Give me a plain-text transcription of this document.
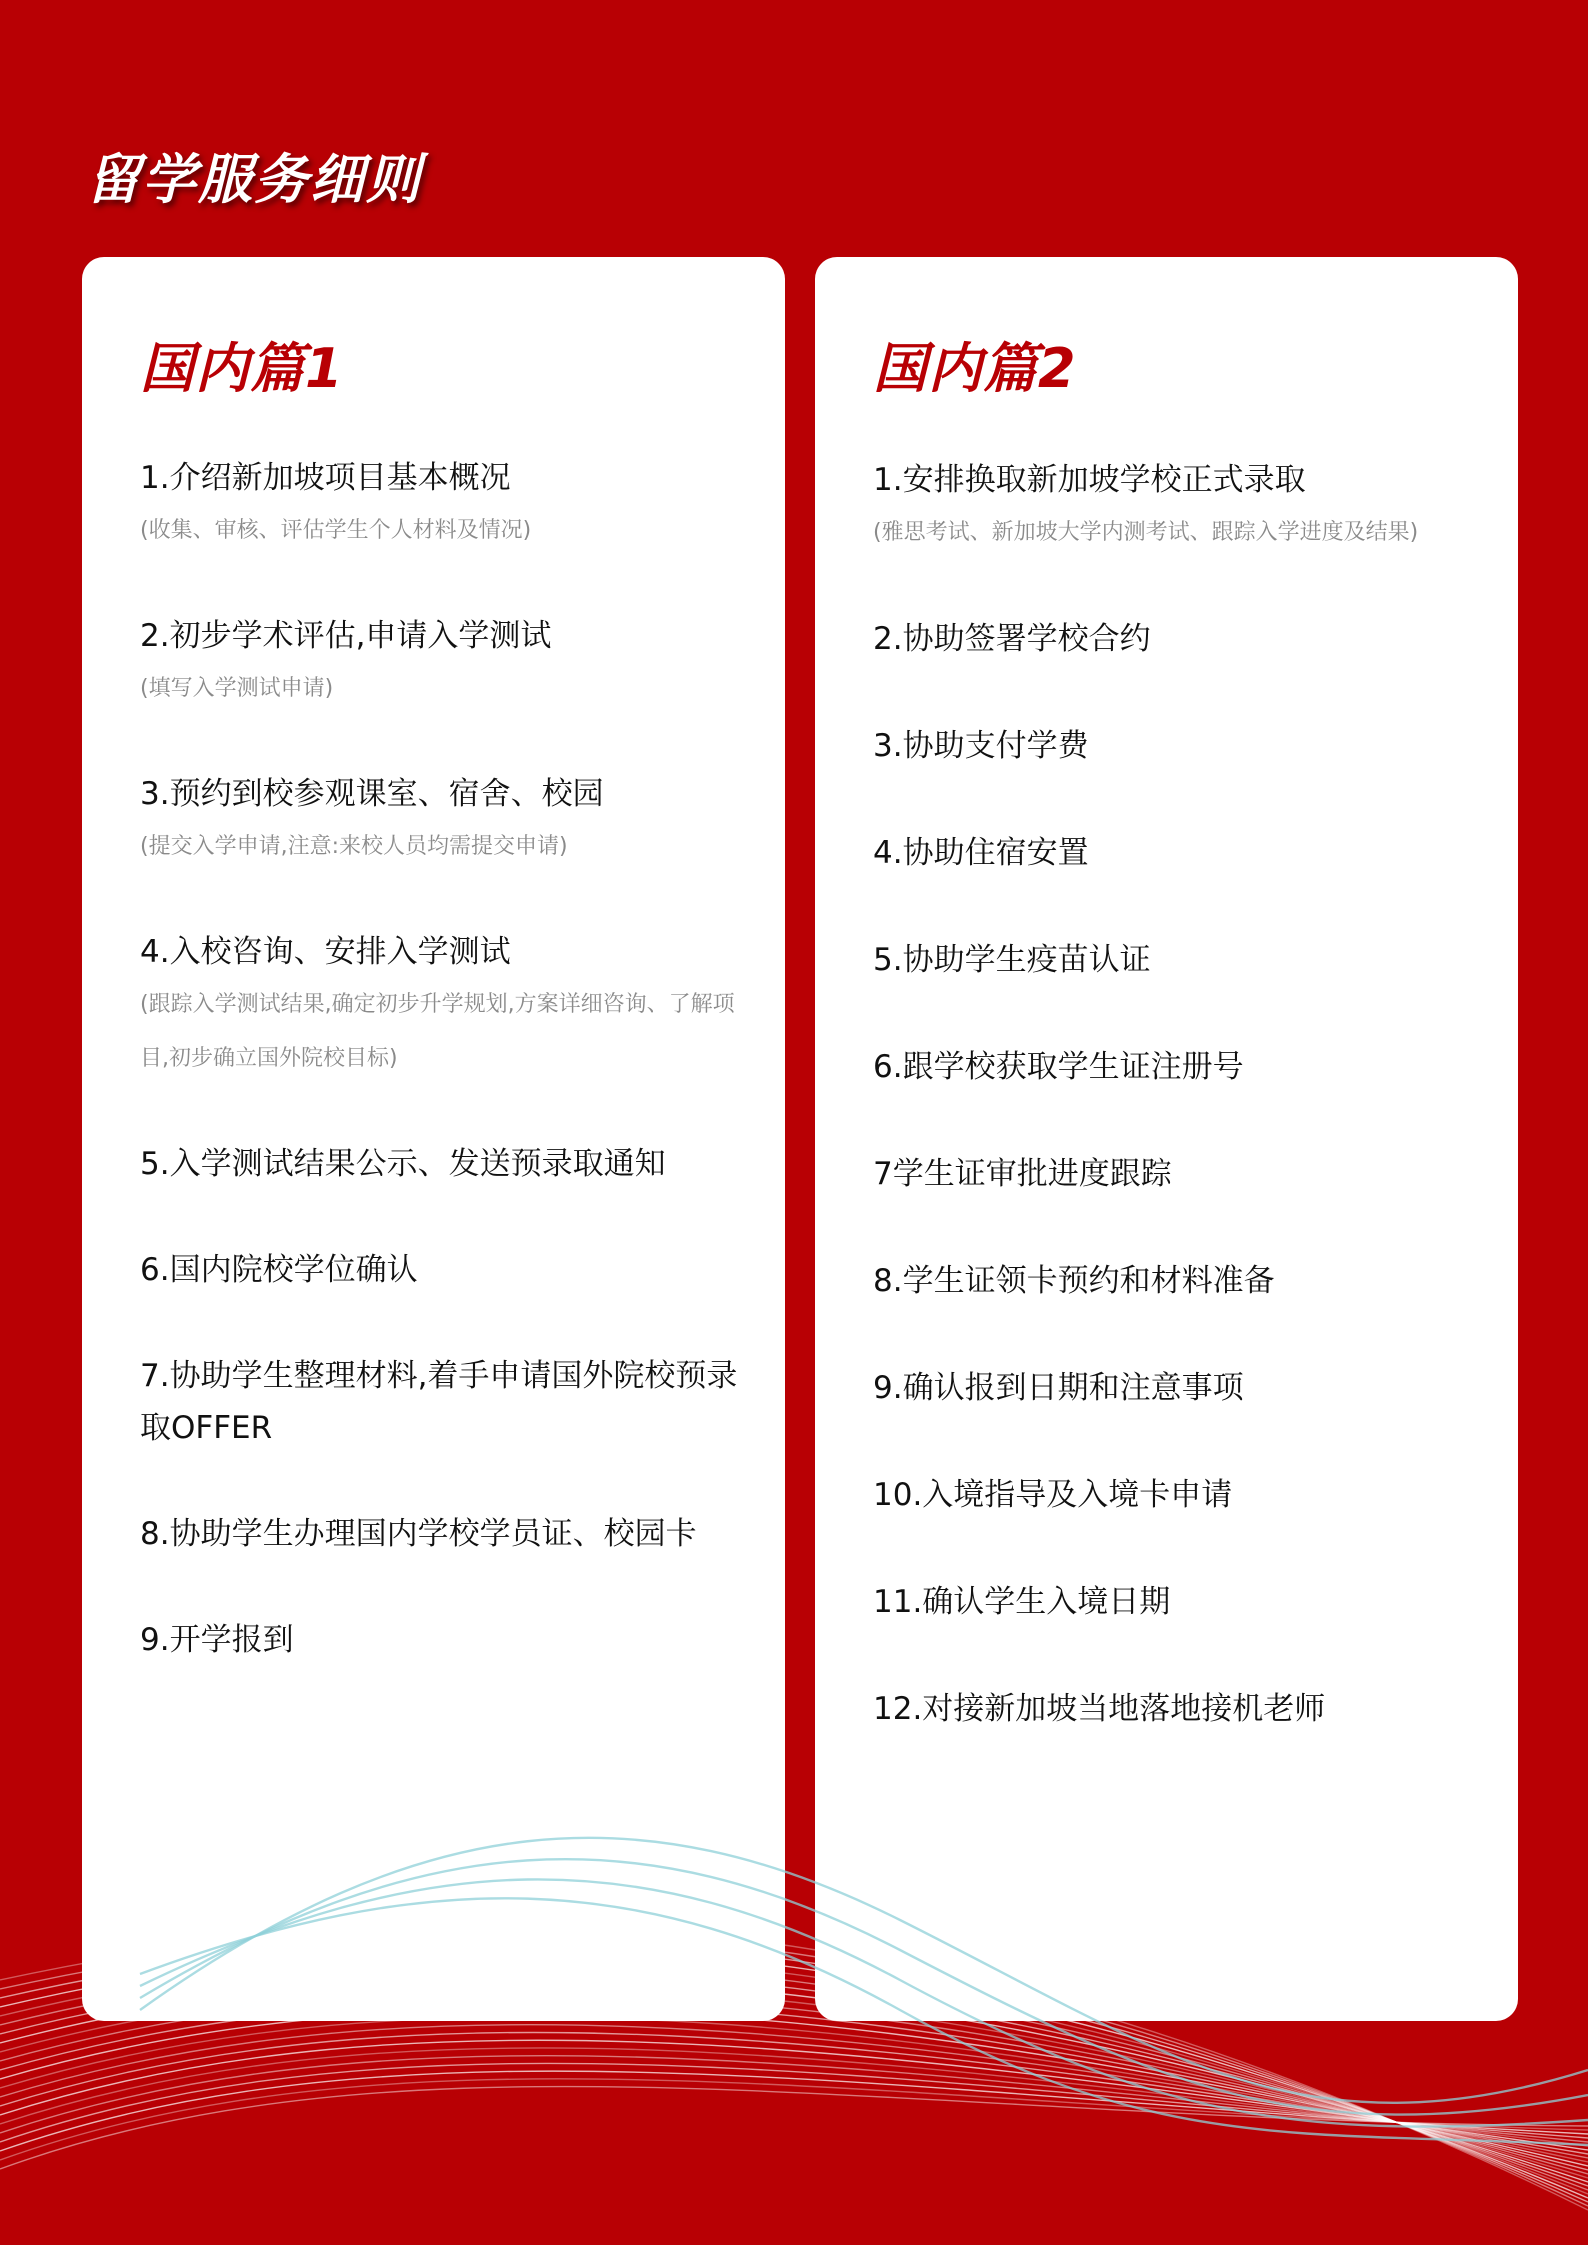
留学服务细则
国内篇1
1.介绍新加坡项目基本概况
(收集、审核、评估学生个人材料及情况)
2.初步学术评估,申请入学测试
(填写入学测试申请)
3.预约到校参观课室、宿舍、校园
(提交入学申请,注意:来校人员均需提交申请)
4.入校咨询、安排入学测试
(跟踪入学测试结果,确定初步升学规划,方案详细咨询、了解项目,初步确立国外院校目标)
5.入学测试结果公示、发送预录取通知
6.国内院校学位确认
7.协助学生整理材料,着手申请国外院校预录取OFFER
8.协助学生办理国内学校学员证、校园卡
9.开学报到
国内篇2
1.安排换取新加坡学校正式录取
(雅思考试、新加坡大学内测考试、跟踪入学进度及结果)
2.协助签署学校合约
3.协助支付学费
4.协助住宿安置
5.协助学生疫苗认证
6.跟学校获取学生证注册号
7学生证审批进度跟踪
8.学生证领卡预约和材料准备
9.确认报到日期和注意事项
10.入境指导及入境卡申请
11.确认学生入境日期
12.对接新加坡当地落地接机老师
